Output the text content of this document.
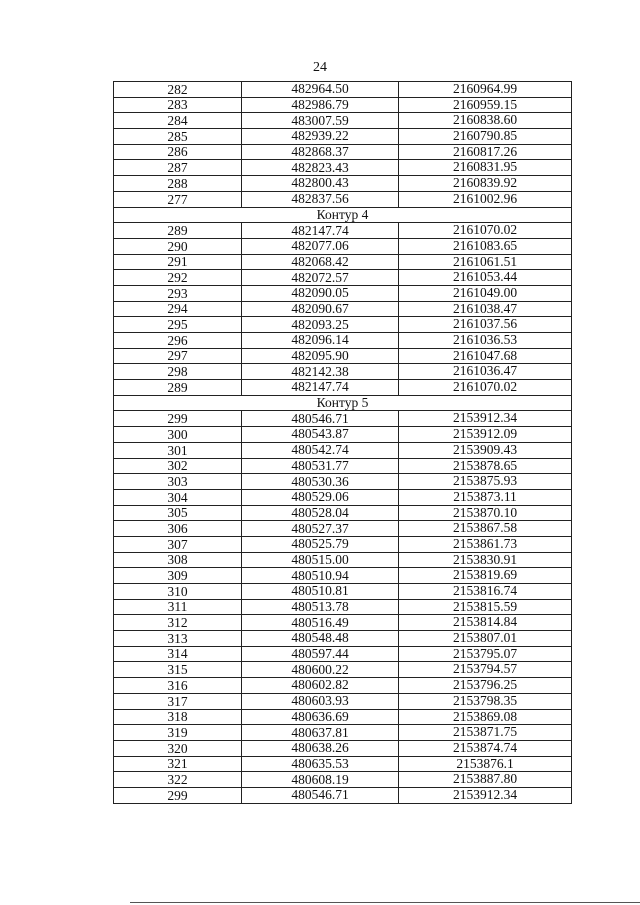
24
282	482964.50	2160964.99
283	482986.79	2160959.15
284	483007.59	2160838.60
285	482939.22	2160790.85
286	482868.37	2160817.26
287	482823.43	2160831.95
288	482800.43	2160839.92
277	482837.56	2161002.96
Контур 4		
289	482147.74	2161070.02
290	482077.06	2161083.65
291	482068.42	2161061.51
292	482072.57	2161053.44
293	482090.05	2161049.00
294	482090.67	2161038.47
295	482093.25	2161037.56
296	482096.14	2161036.53
297	482095.90	2161047.68
298	482142.38	2161036.47
289	482147.74	2161070.02
Контур 5		
299	480546.71	2153912.34
300	480543.87	2153912.09
301	480542.74	2153909.43
302	480531.77	2153878.65
303	480530.36	2153875.93
304	480529.06	2153873.11
305	480528.04	2153870.10
306	480527.37	2153867.58
307	480525.79	2153861.73
308	480515.00	2153830.91
309	480510.94	2153819.69
310	480510.81	2153816.74
311	480513.78	2153815.59
312	480516.49	2153814.84
313	480548.48	2153807.01
314	480597.44	2153795.07
315	480600.22	2153794.57
316	480602.82	2153796.25
317	480603.93	2153798.35
318	480636.69	2153869.08
319	480637.81	2153871.75
320	480638.26	2153874.74
321	480635.53	2153876.1
322	480608.19	2153887.80
299	480546.71	2153912.34
